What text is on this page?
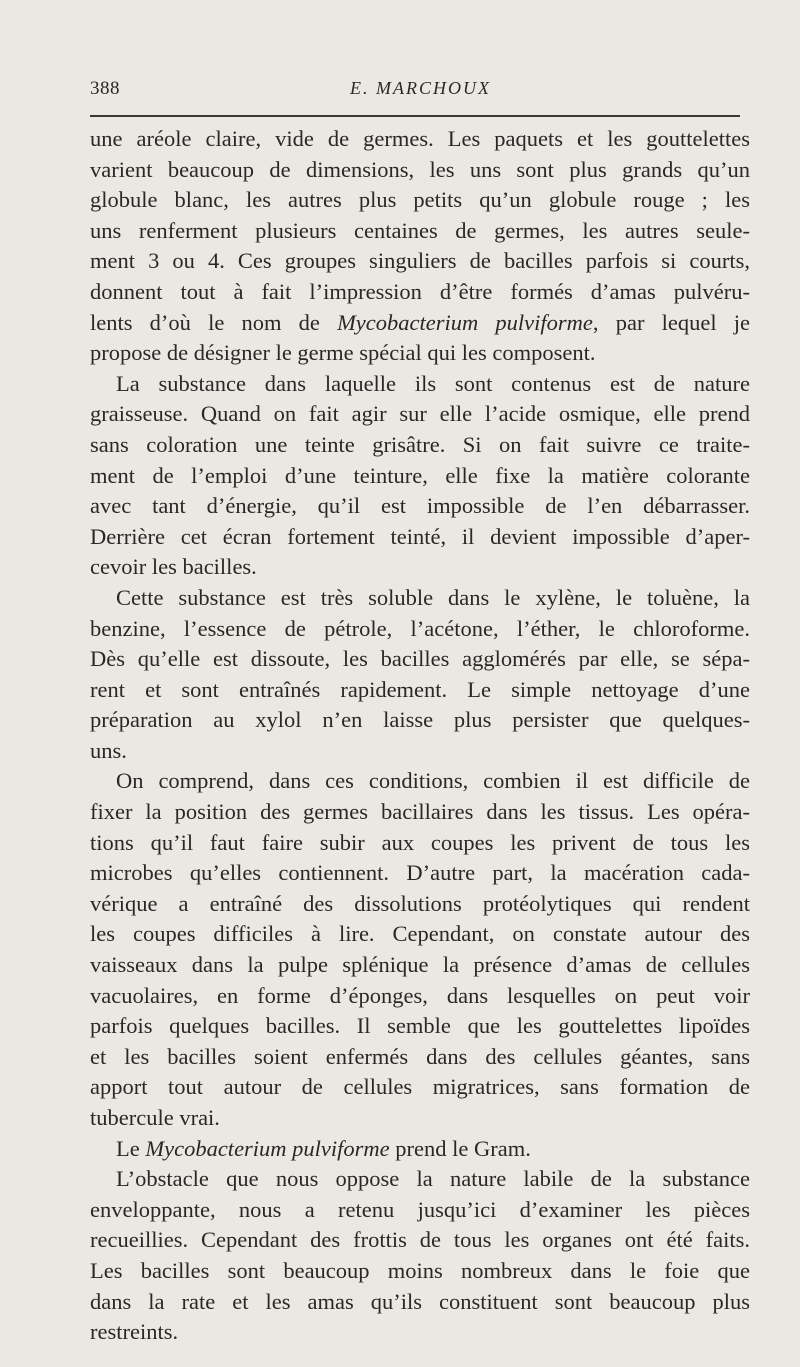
388	E. MARCHOUX
une aréole claire, vide de germes. Les paquets et les gouttelettes
varient beaucoup de dimensions, les uns sont plus grands qu’un
globule blanc, les autres plus petits qu’un globule rouge ; les
uns renferment plusieurs centaines de germes, les autres seule-
ment 3 ou 4. Ces groupes singuliers de bacilles parfois si courts,
donnent tout à fait l’impression d’être formés d’amas pulvéru-
lents d’où le nom de Mycobacterium pulviforme, par lequel je
propose de désigner le germe spécial qui les composent.
La substance dans laquelle ils sont contenus est de nature
graisseuse. Quand on fait agir sur elle l’acide osmique, elle prend
sans coloration une teinte grisâtre. Si on fait suivre ce traite-
ment de l’emploi d’une teinture, elle fixe la matière colorante
avec tant d’énergie, qu’il est impossible de l’en débarrasser.
Derrière cet écran fortement teinté, il devient impossible d’aper-
cevoir les bacilles.
Cette substance est très soluble dans le xylène, le toluène, la
benzine, l’essence de pétrole, l’acétone, l’éther, le chloroforme.
Dès qu’elle est dissoute, les bacilles agglomérés par elle, se sépa-
rent et sont entraînés rapidement. Le simple nettoyage d’une
préparation au xylol n’en laisse plus persister que quelques-
uns.
On comprend, dans ces conditions, combien il est difficile de
fixer la position des germes bacillaires dans les tissus. Les opéra-
tions qu’il faut faire subir aux coupes les privent de tous les
microbes qu’elles contiennent. D’autre part, la macération cada-
vérique a entraîné des dissolutions protéolytiques qui rendent
les coupes difficiles à lire. Cependant, on constate autour des
vaisseaux dans la pulpe splénique la présence d’amas de cellules
vacuolaires, en forme d’éponges, dans lesquelles on peut voir
parfois quelques bacilles. Il semble que les gouttelettes lipoïdes
et les bacilles soient enfermés dans des cellules géantes, sans
apport tout autour de cellules migratrices, sans formation de
tubercule vrai.
Le Mycobacterium pulviforme prend le Gram.
L’obstacle que nous oppose la nature labile de la substance
enveloppante, nous a retenu jusqu’ici d’examiner les pièces
recueillies. Cependant des frottis de tous les organes ont été faits.
Les bacilles sont beaucoup moins nombreux dans le foie que
dans la rate et les amas qu’ils constituent sont beaucoup plus
restreints.
